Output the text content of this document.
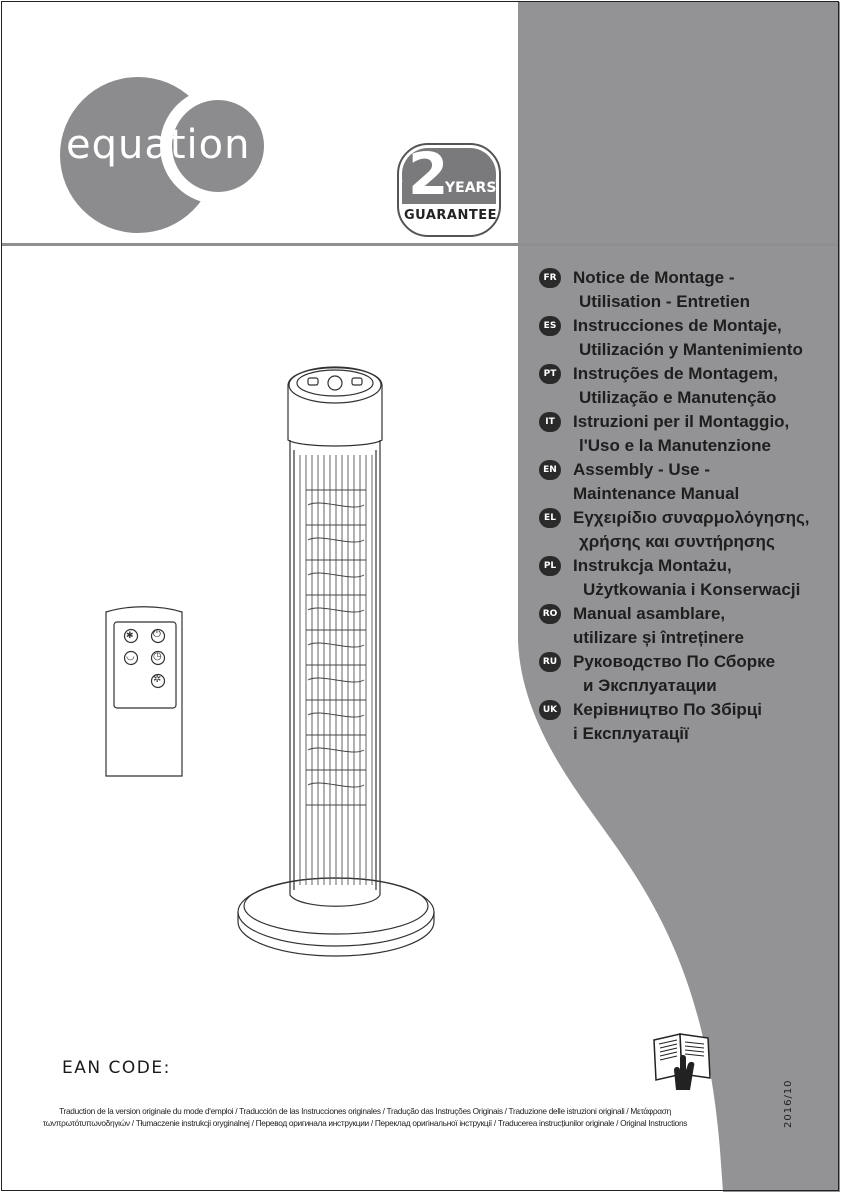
equation	2
YEARS
GUARANTEE
✱ ⏻
◡ ◷
✲
FR Notice de Montage -
Utilisation - Entretien
ES Instrucciones de Montaje,
Utilización y Mantenimiento
PT Instruções de Montagem,
Utilização e Manutenção
IT	Istruzioni per il Montaggio,
l'Uso e la Manutenzione
EN Assembly - Use -
Maintenance Manual
EL	Εγχειρίδιο συναρμολόγησης,
χρήσης και συντήρησης
PL Instrukcja Montażu,
Użytkowania i Konserwacji
RO Manual asamblare,
utilizare și întreținere
RU Руководство По Сборке
и Эксплуатации
UK Керівництво По Збірці
і Експлуатації
EAN CODE:
Traduction de la version originale du mode d'emploi / Traducción de las Instrucciones originales / Tradução das Instruções Originais / Traduzione delle istruzioni originali / Μετάφραση
τωνπρωτότυπωνοδηγιών / Tłumaczenie instrukcji oryginalnej / Перевод оригинала инструкции / Переклад оригінальної інструкції / Traducerea instrucțiunilor originale / Original Instructions	2016/10
